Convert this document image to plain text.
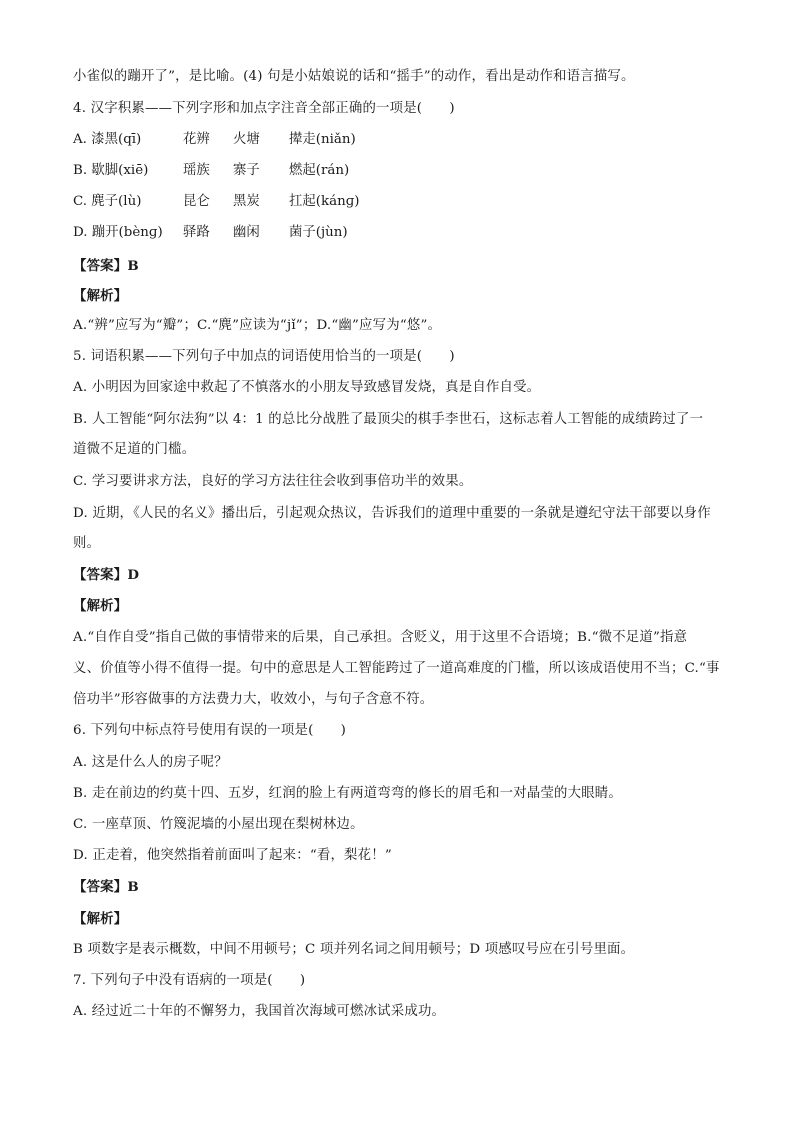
小雀似的蹦开了”，是比喻。(4) 句是小姑娘说的话和“摇手”的动作，看出是动作和语言描写。
4. 汉字积累——下列字形和加点字注音全部正确的一项是(　　)
A. 漆黑(qī)	花辨 火塘 撵走(niǎn)
B. 歇脚(xiē)	瑶族 寨子 燃起(rán)
C. 麂子(lù)	昆仑 黑炭 扛起(kánɡ)
D. 蹦开(bènɡ) 驿路 幽闲 菌子(jùn)
【答案】B
【解析】
A.“辨”应写为“瓣”；C.“麂”应读为“jǐ”；D.“幽”应写为“悠”。
5. 词语积累——下列句子中加点的词语使用恰当的一项是(　　)
A. 小明因为回家途中救起了不慎落水的小朋友导致感冒发烧，真是自作自受。
B. 人工智能“阿尔法狗”以 4：1 的总比分战胜了最顶尖的棋手李世石，这标志着人工智能的成绩跨过了一
道微不足道的门槛。
C. 学习要讲求方法，良好的学习方法往往会收到事倍功半的效果。
D. 近期，《人民的名义》播出后，引起观众热议，告诉我们的道理中重要的一条就是遵纪守法干部要以身作
则。
【答案】D
【解析】
A.“自作自受”指自己做的事情带来的后果，自己承担。含贬义，用于这里不合语境；B.“微不足道”指意
义、价值等小得不值得一提。句中的意思是人工智能跨过了一道高难度的门槛，所以该成语使用不当；C.“事
倍功半”形容做事的方法费力大，收效小，与句子含意不符。
6. 下列句中标点符号使用有误的一项是(　　)
A. 这是什么人的房子呢？
B. 走在前边的约莫十四、五岁，红润的脸上有两道弯弯的修长的眉毛和一对晶莹的大眼睛。
C. 一座草顶、竹篾泥墙的小屋出现在梨树林边。
D. 正走着，他突然指着前面叫了起来：“看，梨花！”
【答案】B
【解析】
B 项数字是表示概数，中间不用顿号；C 项并列名词之间用顿号；D 项感叹号应在引号里面。
7. 下列句子中没有语病的一项是(　　)
A. 经过近二十年的不懈努力，我国首次海域可燃冰试采成功。
